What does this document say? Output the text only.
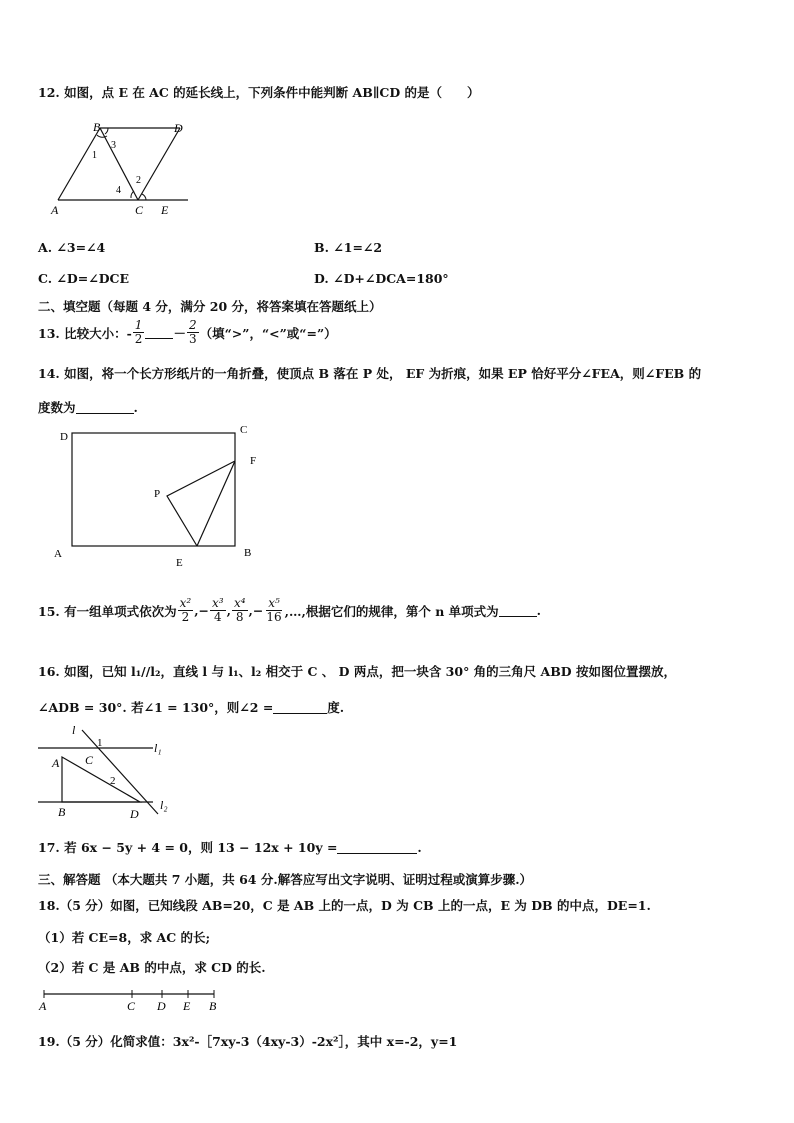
12. 如图，点 E 在 AC 的延长线上，下列条件中能判断 AB∥CD 的是（　　）
B	D
A	C E
1
2
3
4
A. ∠3=∠4	B. ∠1=∠2
C. ∠D=∠DCE	D. ∠D+∠DCA=180°
二、填空题（每题 4 分，满分 20 分，将答案填在答题纸上）
13. 比较大小：- $\frac{1}{2} - \frac{2}{3}$ （填“>”，“<”或“=”）
14. 如图，将一个长方形纸片的一角折叠，使顶点 B 落在 P 处， EF 为折痕，如果 EP 恰好平分∠FEA，则∠FEB 的
度数为	.
D
C
F
P
A	B
E
15. 有一组单项式依次为 $\frac{\text{x²}}{2}$ ,− $\frac{\text{x³}}{4}$ , $\frac{\text{x⁴}}{8}$ ,− $\frac{\text{x⁵}}{16}$ ,…,根据它们的规律，第个 n 单项式为	.
16. 如图，已知 l₁//l₂，直线 l 与 l₁、l₂ 相交于 C 、 D 两点，把一块含 30° 角的三角尺 ABD 按如图位置摆放，
∠ADB = 30°. 若∠1 = 130°，则∠2 =	度.
l
l₁
l₂
A
B
C
D
1
2
17. 若 6x − 5y + 4 = 0，则 13 − 12x + 10y =	.
三、解答题 （本大题共 7 小题，共 64 分.解答应写出文字说明、证明过程或演算步骤.）
18.（5 分）如图，已知线段 AB=20，C 是 AB 上的一点，D 为 CB 上的一点，E 为 DB 的中点，DE=1.
（1）若 CE=8，求 AC 的长;
（2）若 C 是 AB 的中点，求 CD 的长.
A	C D E B
19.（5 分）化简求值：3x²-［7xy-3（4xy-3）-2x²］，其中 x=-2，y=1
